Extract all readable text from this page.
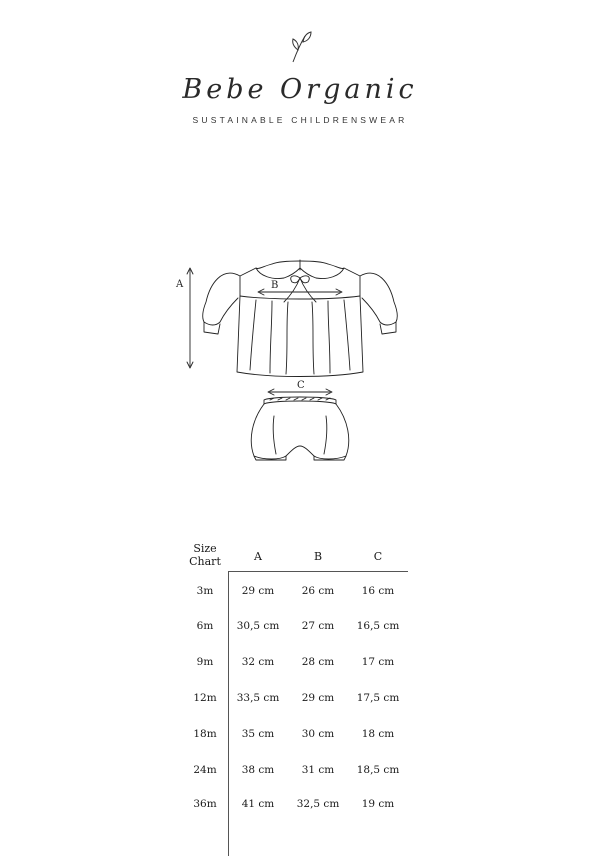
Bebe Organic
SUSTAINABLE CHILDRENSWEAR
A	B
C
Size Chart	A	B	C
3m	29 cm	26 cm	16 cm
6m	30,5 cm	27 cm	16,5 cm
9m	32 cm	28 cm	17 cm
12m	33,5 cm	29 cm	17,5 cm
18m	35 cm	30 cm	18 cm
24m	38 cm	31 cm	18,5 cm
36m	41 cm	32,5 cm	19 cm
